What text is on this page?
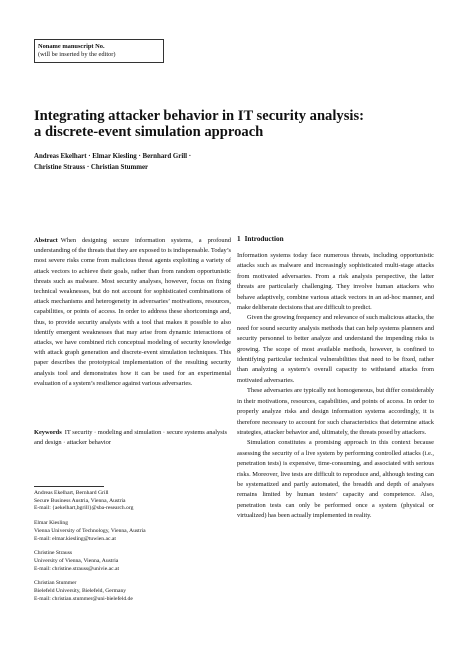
Noname manuscript No.
(will be inserted by the editor)
Integrating attacker behavior in IT security analysis:
a discrete-event simulation approach
Andreas Ekelhart · Elmar Kiesling · Bernhard Grill ·
Christine Strauss · Christian Stummer
Abstract When designing secure information systems, a profound understanding of the threats that they are exposed to is indispensable. Today’s most severe risks come from malicious threat agents exploiting a variety of attack vectors to achieve their goals, rather than from random opportunistic threats such as malware. Most security analyses, however, focus on fixing technical weaknesses, but do not account for sophisticated combinations of attack mechanisms and heterogeneity in adversaries’ motivations, resources, capabilities, or points of access. In order to address these shortcomings and, thus, to provide security analysts with a tool that makes it possible to also identify emergent weaknesses that may arise from dynamic interactions of attacks, we have combined rich conceptual modeling of security knowledge with attack graph generation and discrete-event simulation techniques. This paper describes the prototypical implementation of the resulting security analysis tool and demonstrates how it can be used for an experimental evaluation of a system’s resilience against various adversaries.
Keywords IT security · modeling and simulation · secure systems analysis and design · attacker behavior
Andreas Ekelhart, Bernhard Grill
Secure Business Austria, Vienna, Austria
E-mail: {aekelhart,bgrill}@sba-research.org
Elmar Kiesling
Vienna University of Technology, Vienna, Austria
E-mail: elmar.kiesling@tuwien.ac.at
Christine Strauss
University of Vienna, Vienna, Austria
E-mail: christine.strauss@univie.ac.at
Christian Stummer
Bielefeld University, Bielefeld, Germany
E-mail: christian.stummer@uni-bielefeld.de
1 Introduction

Information systems today face numerous threats, including opportunistic attacks such as malware and increasingly sophisticated multi-stage attacks from motivated adversaries. From a risk analysis perspective, the latter threats are particularly challenging. They involve human attackers who behave adaptively, combine various attack vectors in an ad-hoc manner, and make deliberate decisions that are difficult to predict.

Given the growing frequency and relevance of such malicious attacks, the need for sound security analysis methods that can help systems planners and security personnel to better analyze and understand the impending risks is growing. The scope of most available methods, however, is confined to identifying particular technical vulnerabilities that need to be fixed, rather than analyzing a system’s overall capacity to withstand attacks from motivated adversaries.

These adversaries are typically not homogeneous, but differ considerably in their motivations, resources, capabilities, and points of access. In order to properly analyze risks and design information systems accordingly, it is therefore necessary to account for such characteristics that determine attack strategies, attacker behavior and, ultimately, the threats posed by attackers.

Simulation constitutes a promising approach in this context because assessing the security of a live system by performing controlled attacks (i.e., penetration tests) is expensive, time-consuming, and associated with serious risks. Moreover, live tests are difficult to reproduce and, although testing can be systematized and partly automated, the breadth and depth of analyses remains limited by human testers’ capacity and competence. Also, penetration tests can only be performed once a system (physical or virtualized) has been actually implemented in reality.
